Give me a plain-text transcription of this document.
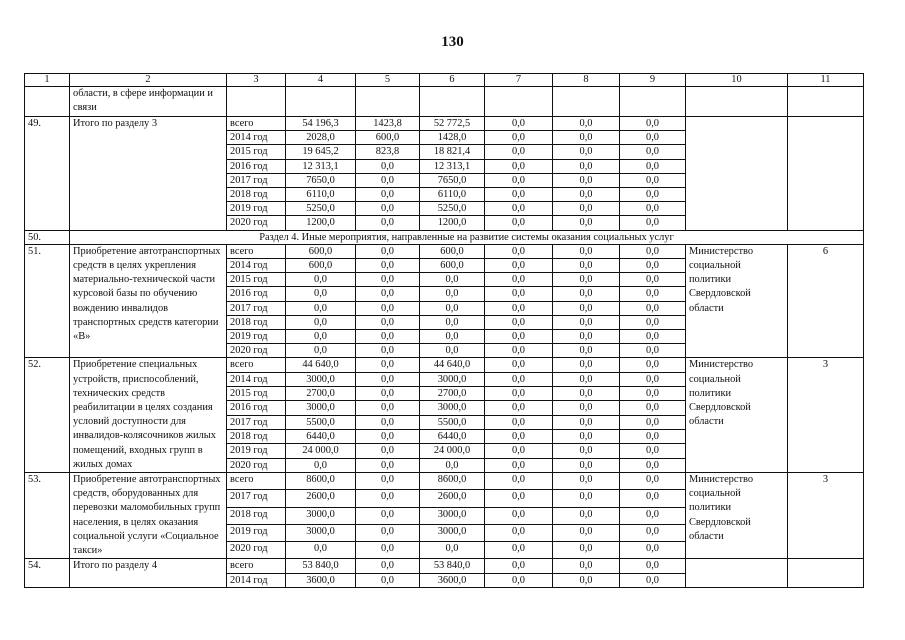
130
1	2	3	4	5	6	7	8	9	10	11
	области, в сфере информации и связи									
49.	Итого по разделу 3	всего	54 196,3	1423,8	52 772,5	0,0	0,0	0,0		
		2014 год	2028,0	600,0	1428,0	0,0	0,0	0,0		
		2015 год	19 645,2	823,8	18 821,4	0,0	0,0	0,0		
		2016 год	12 313,1	0,0	12 313,1	0,0	0,0	0,0		
		2017 год	7650,0	0,0	7650,0	0,0	0,0	0,0		
		2018 год	6110,0	0,0	6110,0	0,0	0,0	0,0		
		2019 год	5250,0	0,0	5250,0	0,0	0,0	0,0		
		2020 год	1200,0	0,0	1200,0	0,0	0,0	0,0		
50.	Раздел 4. Иные мероприятия, направленные на развитие системы оказания социальных услуг									
51.	Приобретение автотранспортных средств в целях укрепления материально-технической части курсовой базы по обучению вождению инвалидов транспортных средств категории «В»	всего	600,0	0,0	600,0	0,0	0,0	0,0	Министерство социальной политики Свердловской области	6
		2014 год	600,0	0,0	600,0	0,0	0,0	0,0		
		2015 год	0,0	0,0	0,0	0,0	0,0	0,0		
		2016 год	0,0	0,0	0,0	0,0	0,0	0,0		
		2017 год	0,0	0,0	0,0	0,0	0,0	0,0		
		2018 год	0,0	0,0	0,0	0,0	0,0	0,0		
		2019 год	0,0	0,0	0,0	0,0	0,0	0,0		
		2020 год	0,0	0,0	0,0	0,0	0,0	0,0		
52.	Приобретение специальных устройств, приспособлений, технических средств реабилитации в целях создания условий доступности для инвалидов-колясочников жилых помещений, входных групп в жилых домах	всего	44 640,0	0,0	44 640,0	0,0	0,0	0,0	Министерство социальной политики Свердловской области	3
		2014 год	3000,0	0,0	3000,0	0,0	0,0	0,0		
		2015 год	2700,0	0,0	2700,0	0,0	0,0	0,0		
		2016 год	3000,0	0,0	3000,0	0,0	0,0	0,0		
		2017 год	5500,0	0,0	5500,0	0,0	0,0	0,0		
		2018 год	6440,0	0,0	6440,0	0,0	0,0	0,0		
		2019 год	24 000,0	0,0	24 000,0	0,0	0,0	0,0		
		2020 год	0,0	0,0	0,0	0,0	0,0	0,0		
53.	Приобретение автотранспортных средств, оборудованных для перевозки маломобильных групп населения, в целях оказания социальной услуги «Социальное такси»	всего	8600,0	0,0	8600,0	0,0	0,0	0,0	Министерство социальной политики Свердловской области	3
		2017 год	2600,0	0,0	2600,0	0,0	0,0	0,0		
		2018 год	3000,0	0,0	3000,0	0,0	0,0	0,0		
		2019 год	3000,0	0,0	3000,0	0,0	0,0	0,0		
		2020 год	0,0	0,0	0,0	0,0	0,0	0,0		
54.	Итого по разделу 4	всего	53 840,0	0,0	53 840,0	0,0	0,0	0,0		
		2014 год	3600,0	0,0	3600,0	0,0	0,0	0,0		
